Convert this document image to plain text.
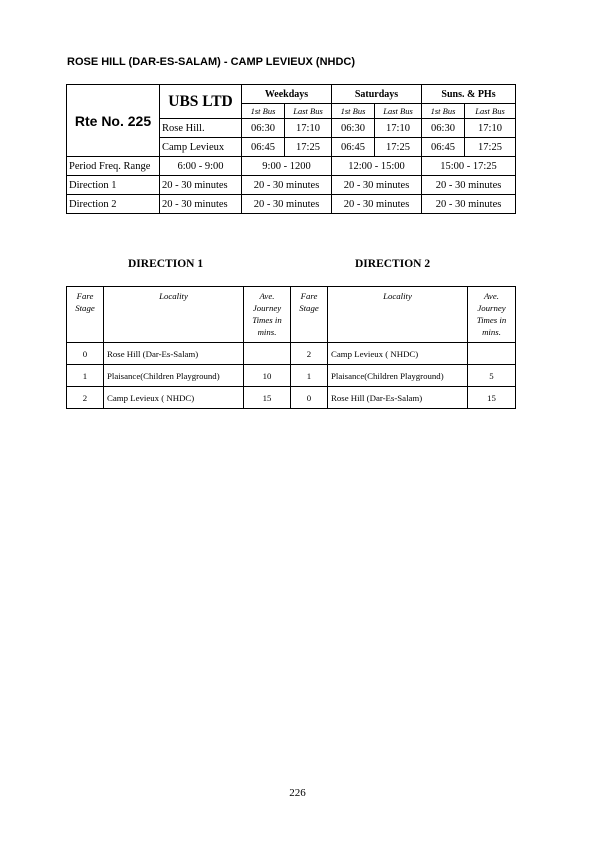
ROSE HILL (DAR-ES-SALAM) - CAMP LEVIEUX (NHDC)
Rte No. 225	UBS LTD	Weekdays		Saturdays		Suns. & PHs	
		1st Bus	Last Bus	1st Bus	Last Bus	1st Bus	Last Bus
	Rose Hill.	06:30	17:10	06:30	17:10	06:30	17:10
	Camp Levieux	06:45	17:25	06:45	17:25	06:45	17:25
Period Freq. Range	6:00 - 9:00	9:00 - 1200		12:00 - 15:00		15:00 - 17:25	
Direction 1	20 - 30 minutes	20 - 30 minutes		20 - 30 minutes		20 - 30 minutes	
Direction 2	20 - 30 minutes	20 - 30 minutes		20 - 30 minutes		20 - 30 minutes	
DIRECTION 1	DIRECTION 2
Fare Stage	Locality	Ave. Journey Times in mins.	Fare Stage	Locality	Ave. Journey Times in mins.
0	Rose Hill (Dar-Es-Salam)		2	Camp Levieux ( NHDC)	
1	Plaisance(Children Playground)	10	1	Plaisance(Children Playground)	5
2	Camp Levieux ( NHDC)	15	0	Rose Hill (Dar-Es-Salam)	15
226
